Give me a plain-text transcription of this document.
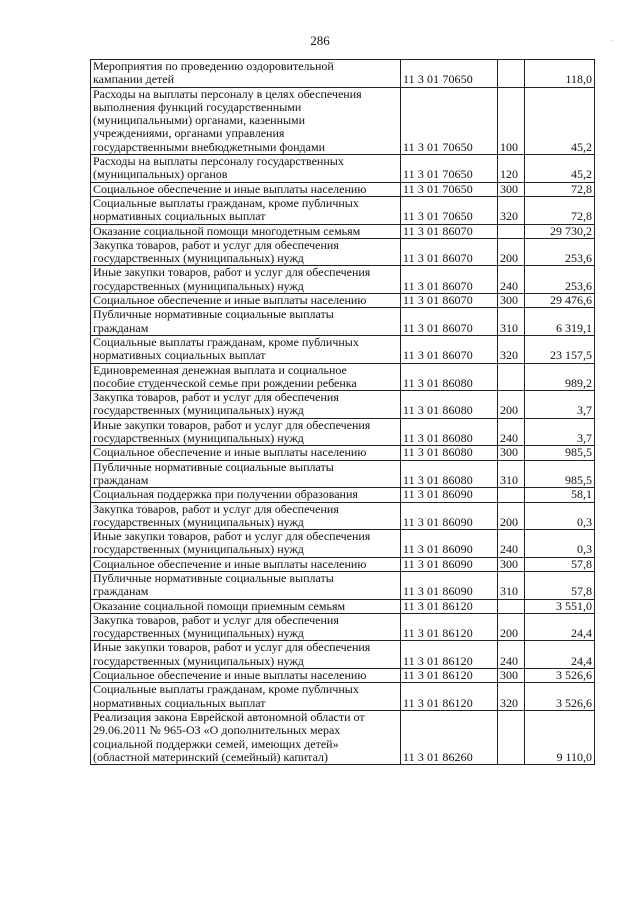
286
Мероприятия по проведению оздоровительной
кампании детей	11 3 01 70650		118,0
Расходы на выплаты персоналу в целях обеспечения
выполнения функций государственными
(муниципальными) органами, казенными
учреждениями, органами управления
государственными внебюджетными фондами	11 3 01 70650	100	45,2
Расходы на выплаты персоналу государственных
(муниципальных) органов	11 3 01 70650	120	45,2
Социальное обеспечение и иные выплаты населению	11 3 01 70650	300	72,8
Социальные выплаты гражданам, кроме публичных
нормативных социальных выплат	11 3 01 70650	320	72,8
Оказание социальной помощи многодетным семьям	11 3 01 86070		29 730,2
Закупка товаров, работ и услуг для обеспечения
государственных (муниципальных) нужд	11 3 01 86070	200	253,6
Иные закупки товаров, работ и услуг для обеспечения
государственных (муниципальных) нужд	11 3 01 86070	240	253,6
Социальное обеспечение и иные выплаты населению	11 3 01 86070	300	29 476,6
Публичные нормативные социальные выплаты
гражданам	11 3 01 86070	310	6 319,1
Социальные выплаты гражданам, кроме публичных
нормативных социальных выплат	11 3 01 86070	320	23 157,5
Единовременная денежная выплата и социальное
пособие студенческой семье при рождении ребенка	11 3 01 86080		989,2
Закупка товаров, работ и услуг для обеспечения
государственных (муниципальных) нужд	11 3 01 86080	200	3,7
Иные закупки товаров, работ и услуг для обеспечения
государственных (муниципальных) нужд	11 3 01 86080	240	3,7
Социальное обеспечение и иные выплаты населению	11 3 01 86080	300	985,5
Публичные нормативные социальные выплаты
гражданам	11 3 01 86080	310	985,5
Социальная поддержка при получении образования	11 3 01 86090		58,1
Закупка товаров, работ и услуг для обеспечения
государственных (муниципальных) нужд	11 3 01 86090	200	0,3
Иные закупки товаров, работ и услуг для обеспечения
государственных (муниципальных) нужд	11 3 01 86090	240	0,3
Социальное обеспечение и иные выплаты населению	11 3 01 86090	300	57,8
Публичные нормативные социальные выплаты
гражданам	11 3 01 86090	310	57,8
Оказание социальной помощи приемным семьям	11 3 01 86120		3 551,0
Закупка товаров, работ и услуг для обеспечения
государственных (муниципальных) нужд	11 3 01 86120	200	24,4
Иные закупки товаров, работ и услуг для обеспечения
государственных (муниципальных) нужд	11 3 01 86120	240	24,4
Социальное обеспечение и иные выплаты населению	11 3 01 86120	300	3 526,6
Социальные выплаты гражданам, кроме публичных
нормативных социальных выплат	11 3 01 86120	320	3 526,6
Реализация закона Еврейской автономной области от
29.06.2011 № 965-ОЗ «О дополнительных мерах
социальной поддержки семей, имеющих детей»
(областной материнский (семейный) капитал)	11 3 01 86260		9 110,0
